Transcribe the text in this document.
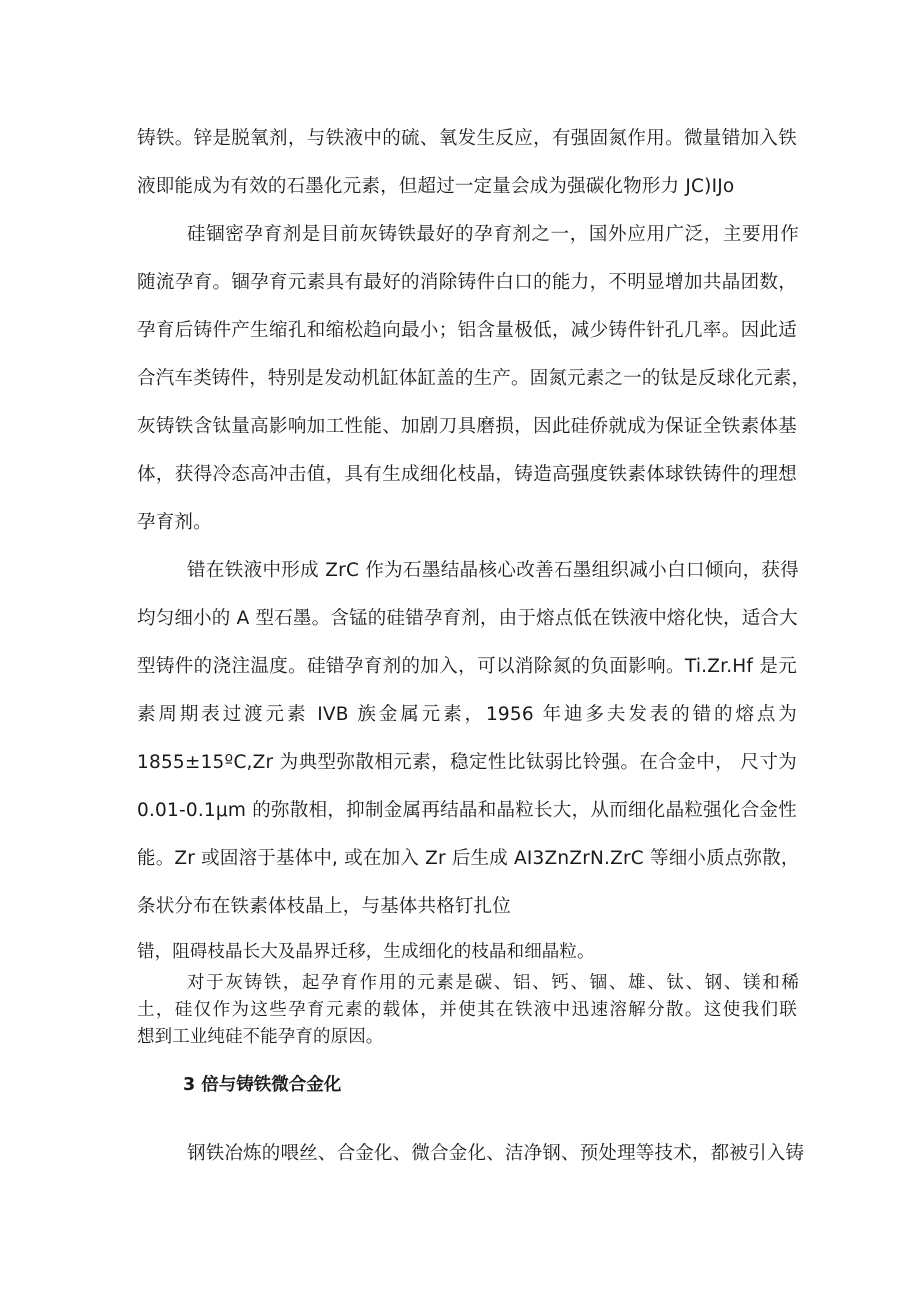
铸铁。锌是脱氧剂，与铁液中的硫、氧发生反应，有强固氮作用。微量错加入铁
液即能成为有效的石墨化元素，但超过一定量会成为强碳化物形力 JC)IJo
硅锢密孕育剂是目前灰铸铁最好的孕育剂之一，国外应用广泛，主要用作
随流孕育。锢孕育元素具有最好的消除铸件白口的能力，不明显增加共晶团数，
孕育后铸件产生缩孔和缩松趋向最小；铝含量极低，减少铸件针孔几率。因此适
合汽车类铸件，特别是发动机缸体缸盖的生产。固氮元素之一的钛是反球化元素，
灰铸铁含钛量高影响加工性能、加剧刀具磨损，因此硅侨就成为保证全铁素体基
体，获得冷态高冲击值，具有生成细化枝晶，铸造高强度铁素体球铁铸件的理想
孕育剂。
错在铁液中形成 ZrC 作为石墨结晶核心改善石墨组织减小白口倾向，获得
均匀细小的 A 型石墨。含锰的硅错孕育剂，由于熔点低在铁液中熔化快，适合大
型铸件的浇注温度。硅错孕育剂的加入，可以消除氮的负面影响。Ti.Zr.Hf 是元
素周期表过渡元素 IVB 族金属元素，1956 年迪多夫发表的错的熔点为
1855±15ºC,Zr 为典型弥散相元素，稳定性比钛弱比铃强。在合金中， 尺寸为
0.01-0.1μm 的弥散相，抑制金属再结晶和晶粒长大，从而细化晶粒强化合金性
能。Zr 或固溶于基体中, 或在加入 Zr 后生成 AI3ZnZrN.ZrC 等细小质点弥散，
条状分布在铁素体枝晶上，与基体共格钉扎位
错，阻碍枝晶长大及晶界迁移，生成细化的枝晶和细晶粒。
对于灰铸铁，起孕育作用的元素是碳、铝、钙、锢、雄、钛、钢、镁和稀
土，硅仅作为这些孕育元素的载体，并使其在铁液中迅速溶解分散。这使我们联
想到工业纯硅不能孕育的原因。
3 倍与铸铁微合金化
钢铁冶炼的喂丝、合金化、微合金化、洁净钢、预处理等技术，都被引入铸
